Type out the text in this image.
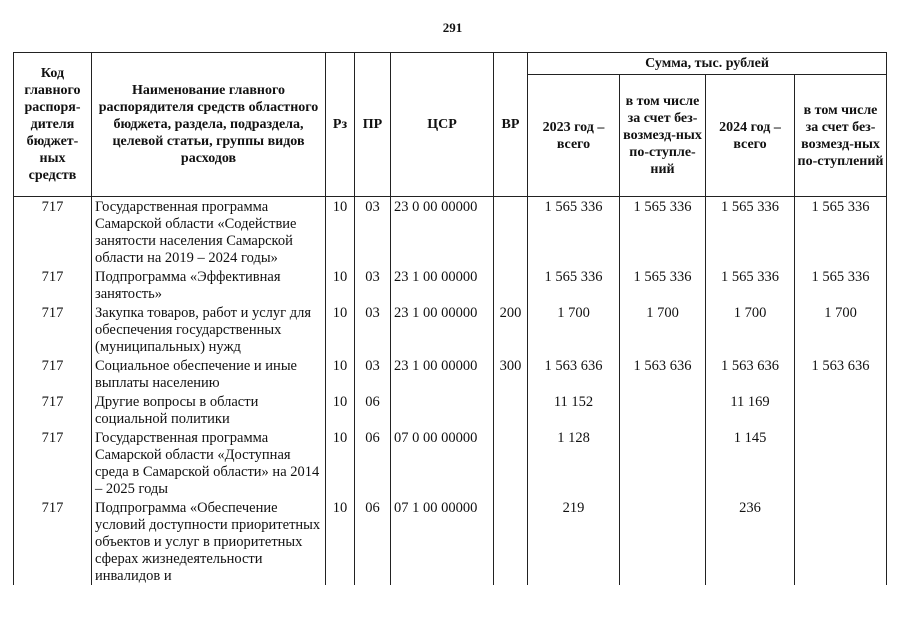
291
Код главного распоря-дителя бюджет-ных средств	Наименование главного распорядителя средств областного бюджета, раздела, подраздела, целевой статьи, группы видов расходов	Рз	ПР	ЦСР	ВР	Сумма, тыс. рублей			
						2023 год – всего	в том числе за счет без-возмезд-ных по-ступле-ний	2024 год – всего	в том числе за счет без-возмезд-ных по-ступлений
717	Государственная программа Самарской области «Содействие занятости населения Самарской области на 2019 – 2024 годы»	10	03	23 0 00 00000		1 565 336	1 565 336	1 565 336	1 565 336
717	Подпрограмма «Эффективная занятость»	10	03	23 1 00 00000		1 565 336	1 565 336	1 565 336	1 565 336
717	Закупка товаров, работ и услуг для обеспечения государственных (муниципальных) нужд	10	03	23 1 00 00000	200	1 700	1 700	1 700	1 700
717	Социальное обеспечение и иные выплаты населению	10	03	23 1 00 00000	300	1 563 636	1 563 636	1 563 636	1 563 636
717	Другие вопросы в области социальной политики	10	06			11 152		11 169	
717	Государственная программа Самарской области «Доступная среда в Самарской области» на 2014 – 2025 годы	10	06	07 0 00 00000		1 128		1 145	
717	Подпрограмма «Обеспечение условий доступности приоритетных объектов и услуг в приоритетных сферах жизнедеятельности инвалидов и	10	06	07 1 00 00000		219		236	
